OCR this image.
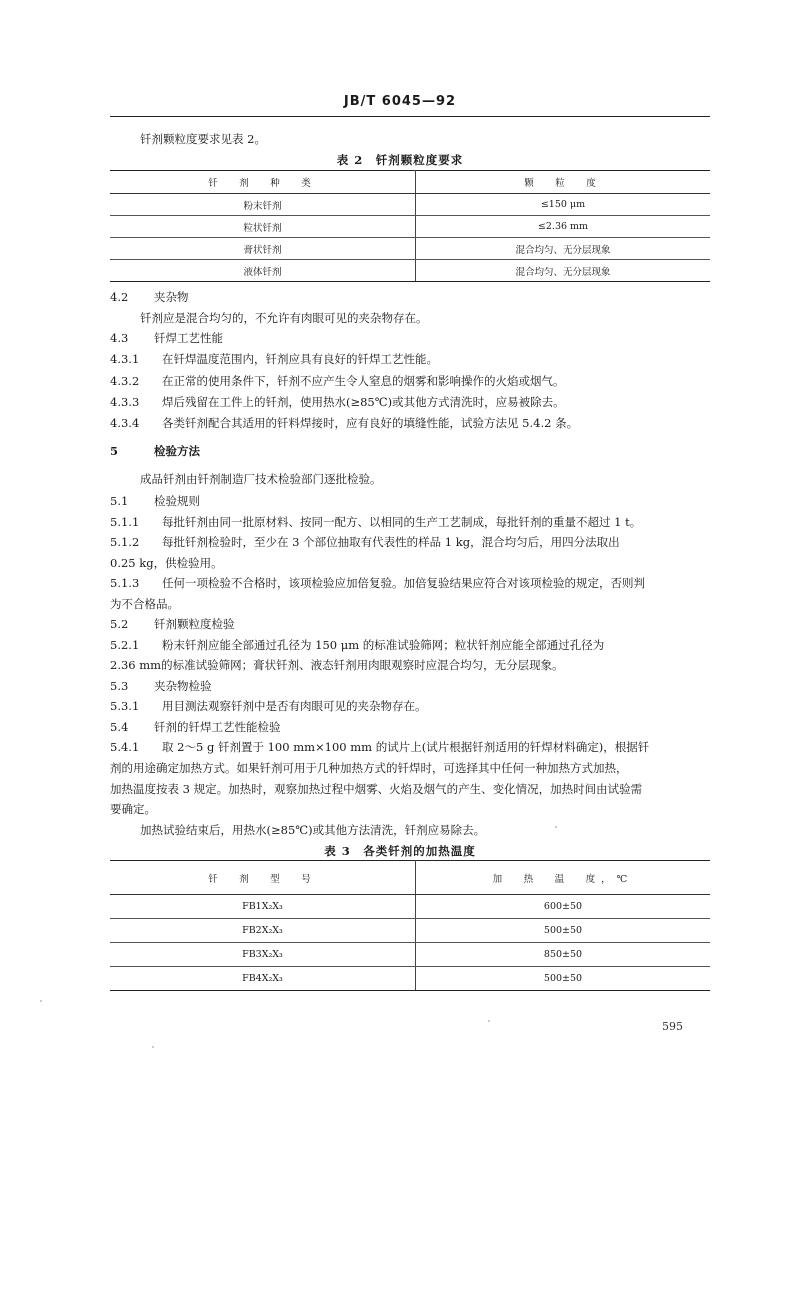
JB/T 6045—92
钎剂颗粒度要求见表 2。
表 2　钎剂颗粒度要求
钎　剂　种　类	颗　粒　度
粉末钎剂	≤150 μm
粒状钎剂	≤2.36 mm
膏状钎剂	混合均匀、无分层现象
液体钎剂	混合均匀、无分层现象
4.2 夹杂物
钎剂应是混合均匀的，不允许有肉眼可见的夹杂物存在。
4.3 钎焊工艺性能
4.3.1 在钎焊温度范围内，钎剂应具有良好的钎焊工艺性能。
4.3.2 在正常的使用条件下，钎剂不应产生令人窒息的烟雾和影响操作的火焰或烟气。
4.3.3 焊后残留在工件上的钎剂，使用热水(≥85℃)或其他方式清洗时，应易被除去。
4.3.4 各类钎剂配合其适用的钎料焊接时，应有良好的填缝性能，试验方法见 5.4.2 条。
5	检验方法
成品钎剂由钎剂制造厂技术检验部门逐批检验。
5.1 检验规则
5.1.1 每批钎剂由同一批原材料、按同一配方、以相同的生产工艺制成，每批钎剂的重量不超过 1 t。
5.1.2 每批钎剂检验时，至少在 3 个部位抽取有代表性的样品 1 kg，混合均匀后，用四分法取出
0.25 kg，供检验用。
5.1.3 任何一项检验不合格时，该项检验应加倍复验。加倍复验结果应符合对该项检验的规定，否则判
为不合格品。
5.2 钎剂颗粒度检验
5.2.1 粉末钎剂应能全部通过孔径为 150 μm 的标准试验筛网；粒状钎剂应能全部通过孔径为
2.36 mm的标准试验筛网；膏状钎剂、液态钎剂用肉眼观察时应混合均匀，无分层现象。
5.3 夹杂物检验
5.3.1 用目测法观察钎剂中是否有肉眼可见的夹杂物存在。
5.4 钎剂的钎焊工艺性能检验
5.4.1 取 2～5 g 钎剂置于 100 mm×100 mm 的试片上(试片根据钎剂适用的钎焊材料确定)，根据钎
剂的用途确定加热方式。如果钎剂可用于几种加热方式的钎焊时，可选择其中任何一种加热方式加热，
加热温度按表 3 规定。加热时，观察加热过程中烟雾、火焰及烟气的产生、变化情况，加热时间由试验需
要确定。
加热试验结束后，用热水(≥85℃)或其他方法清洗，钎剂应易除去。
表 3　各类钎剂的加热温度
钎　剂　型　号	加　热　温　度，℃
FB1X₂X₃	600±50
FB2X₂X₃	500±50
FB3X₂X₃	850±50
FB4X₂X₃	500±50
595
